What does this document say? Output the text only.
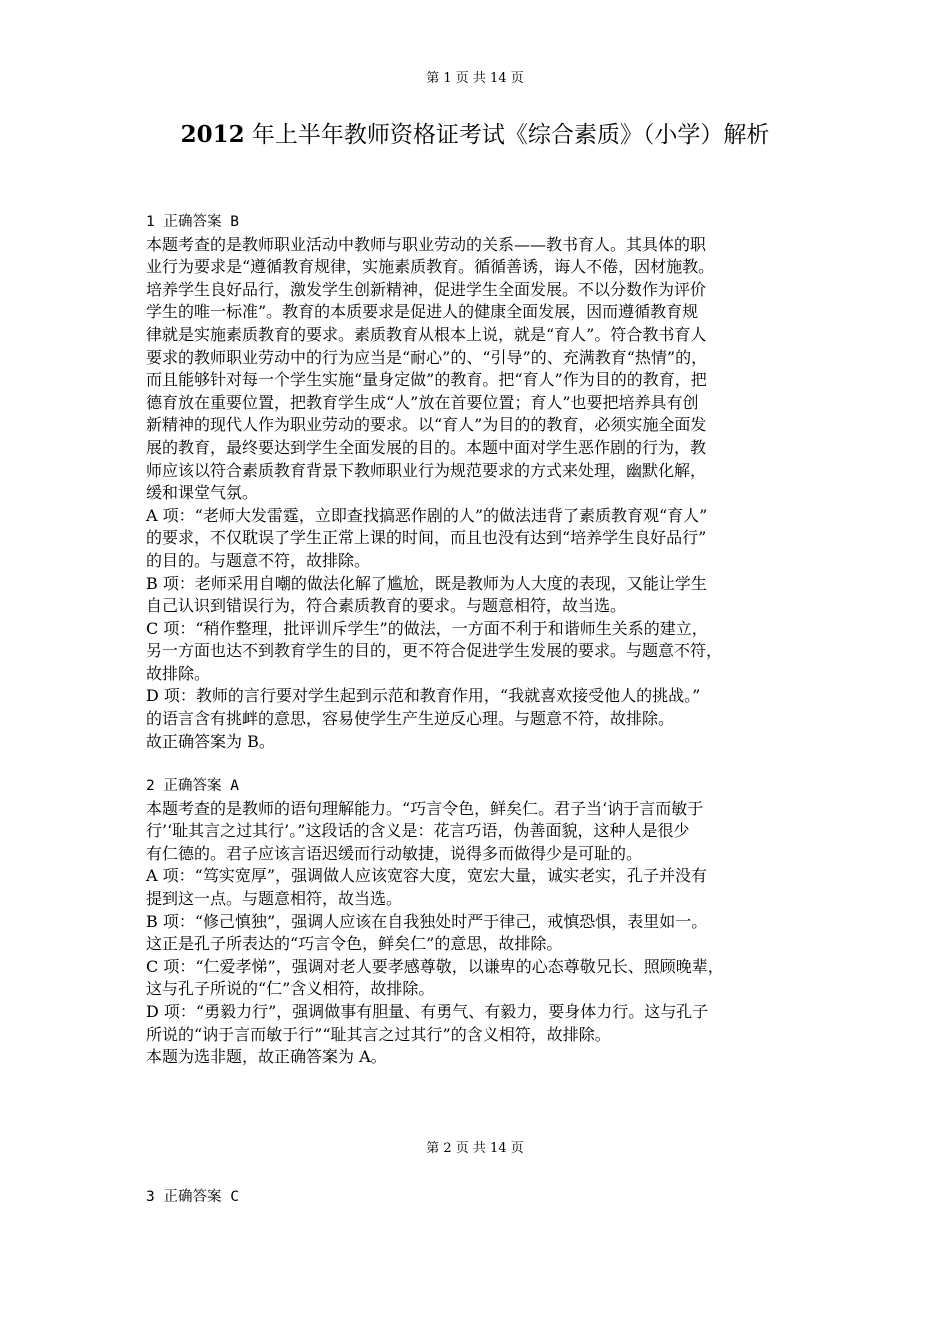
第 1 页 共 14 页
2012 年上半年教师资格证考试《综合素质》（小学）解析

1 正确答案 B

本题考查的是教师职业活动中教师与职业劳动的关系——教书育人。其具体的职

业行为要求是“遵循教育规律，实施素质教育。循循善诱，诲人不倦，因材施教。

培养学生良好品行，激发学生创新精神，促进学生全面发展。不以分数作为评价

学生的唯一标准”。教育的本质要求是促进人的健康全面发展，因而遵循教育规

律就是实施素质教育的要求。素质教育从根本上说，就是“育人”。符合教书育人

要求的教师职业劳动中的行为应当是“耐心”的、“引导”的、充满教育“热情”的，

而且能够针对每一个学生实施“量身定做”的教育。把“育人”作为目的的教育，把

德育放在重要位置，把教育学生成“人”放在首要位置；育人”也要把培养具有创

新精神的现代人作为职业劳动的要求。以“育人”为目的的教育，必须实施全面发

展的教育，最终要达到学生全面发展的目的。本题中面对学生恶作剧的行为，教

师应该以符合素质教育背景下教师职业行为规范要求的方式来处理，幽默化解，

缓和课堂气氛。

A 项：“老师大发雷霆，立即查找搞恶作剧的人”的做法违背了素质教育观“育人”

的要求，不仅耽误了学生正常上课的时间，而且也没有达到“培养学生良好品行”

的目的。与题意不符，故排除。

B 项：老师采用自嘲的做法化解了尴尬，既是教师为人大度的表现，又能让学生

自己认识到错误行为，符合素质教育的要求。与题意相符，故当选。

C 项：“稍作整理，批评训斥学生”的做法，一方面不利于和谐师生关系的建立，

另一方面也达不到教育学生的目的，更不符合促进学生发展的要求。与题意不符，

故排除。

D 项：教师的言行要对学生起到示范和教育作用，“我就喜欢接受他人的挑战。”

的语言含有挑衅的意思，容易使学生产生逆反心理。与题意不符，故排除。

故正确答案为 B。

2 正确答案 A

本题考查的是教师的语句理解能力。“巧言令色，鲜矣仁。君子当‘讷于言而敏于

行’‘耻其言之过其行’。”这段话的含义是：花言巧语，伪善面貌，这种人是很少

有仁德的。君子应该言语迟缓而行动敏捷，说得多而做得少是可耻的。

A 项：“笃实宽厚”，强调做人应该宽容大度，宽宏大量，诚实老实，孔子并没有

提到这一点。与题意相符，故当选。

B 项：“修己慎独”，强调人应该在自我独处时严于律己，戒慎恐惧，表里如一。

这正是孔子所表达的“巧言令色，鲜矣仁”的意思，故排除。

C 项：“仁爱孝悌”，强调对老人要孝感尊敬，以谦卑的心态尊敬兄长、照顾晚辈，

这与孔子所说的“仁”含义相符，故排除。

D 项：“勇毅力行”，强调做事有胆量、有勇气、有毅力，要身体力行。这与孔子

所说的“讷于言而敏于行”“耻其言之过其行”的含义相符，故排除。

本题为选非题，故正确答案为 A。

第 2 页 共 14 页

3 正确答案 C
